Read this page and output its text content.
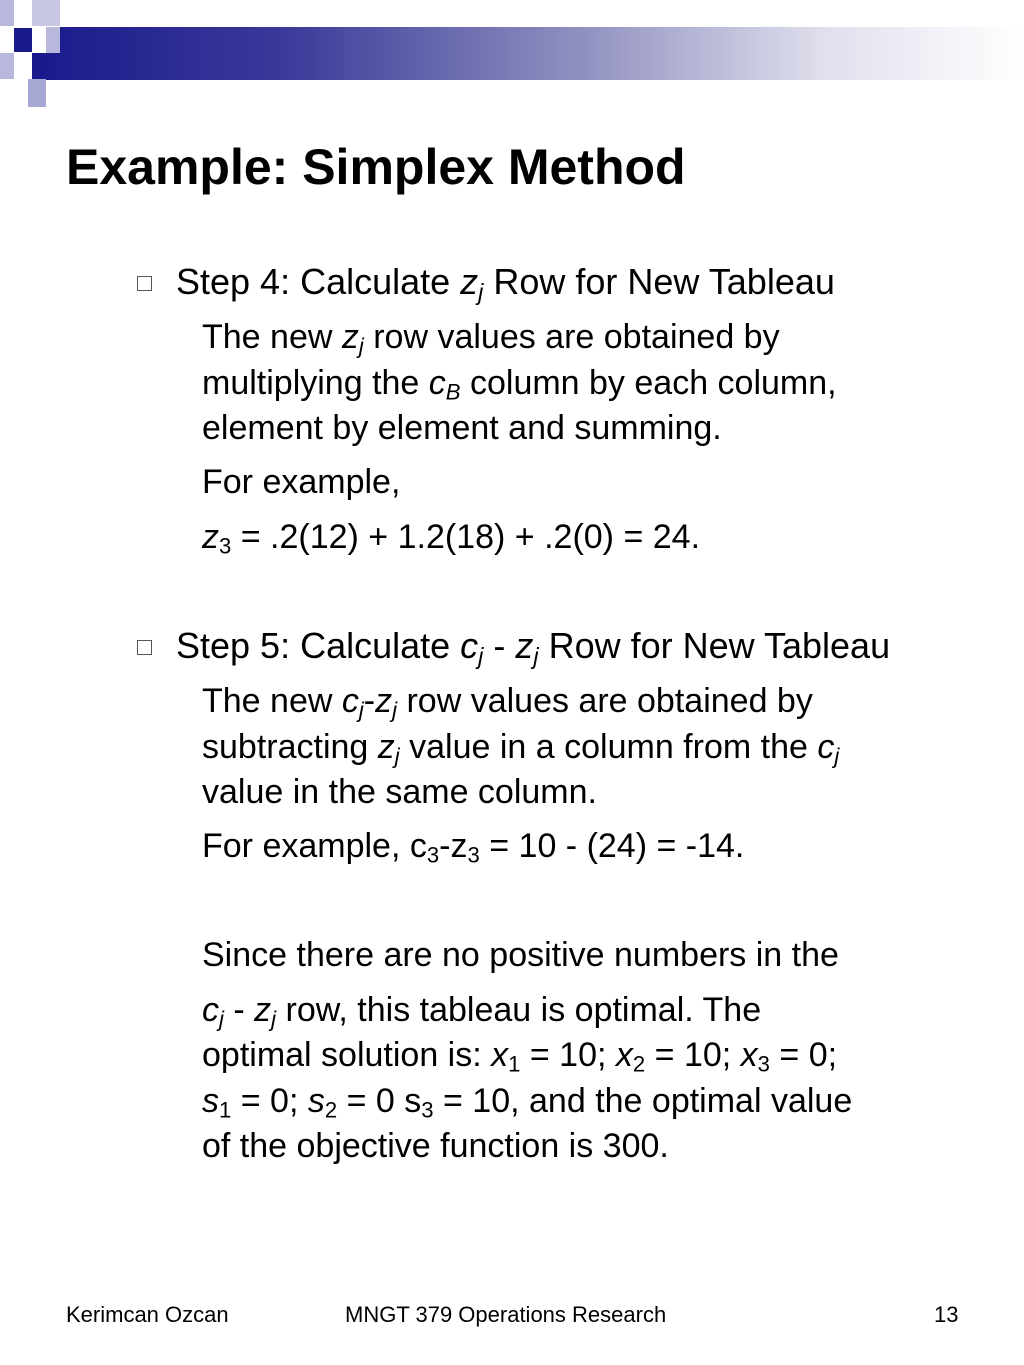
Example: Simplex Method
Step 4: Calculate $z_j$ Row for New Tableau
The new $z_j$ row values are obtained by
multiplying the $c_B$ column by each column,
element by element and summing.
For example,
$z_3 = .2(12) + 1.2(18) + .2(0) = 24$.
Step 5: Calculate $c_j - z_j$ Row for New Tableau
The new $c_j-z_j$ row values are obtained by
subtracting $z_j$ value in a column from the $c_j$
value in the same column.
For example, $c_3-z_3 = 10 - (24) = -14$.
Since there are no positive numbers in the
$c_j - z_j$ row, this tableau is optimal. The
optimal solution is: $x_1 = 10$; $x_2 = 10$; $x_3 = 0$;
$s_1 = 0$; $s_2 = 0$ $s_3 = 10$, and the optimal value
of the objective function is 300.
Kerimcan Ozcan	MNGT 379 Operations Research	13
